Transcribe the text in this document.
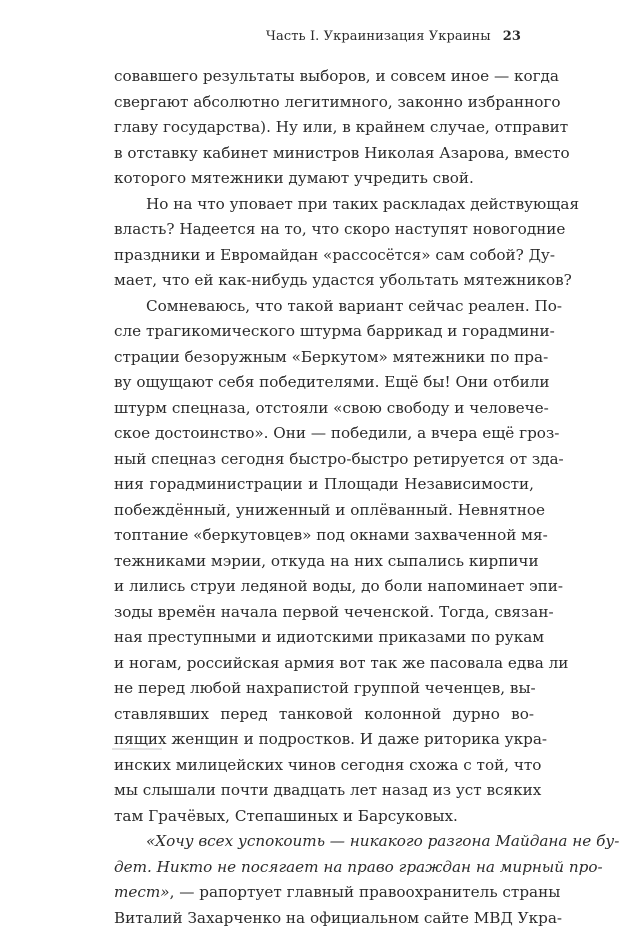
Часть I. Украинизация Украины 23
совавшего результаты выборов, и совсем иное — когда
свергают абсолютно легитимного, законно избранного
главу государства). Ну или, в крайнем случае, отправит
в отставку кабинет министров Николая Азарова, вместо
которого мятежники думают учредить свой.
Но на что уповает при таких раскладах действующая
власть? Надеется на то, что скоро наступят новогодние
праздники и Евромайдан «рассосётся» сам собой? Ду-
мает, что ей как-нибудь удастся убольтать мятежников?
Сомневаюсь, что такой вариант сейчас реален. По-
сле трагикомического штурма баррикад и горадмини-
страции безоружным «Беркутом» мятежники по пра-
ву ощущают себя победителями. Ещё бы! Они отбили
штурм спецназа, отстояли «свою свободу и человече-
ское достоинство». Они — победили, а вчера ещё гроз-
ный спецназ сегодня быстро-быстро ретируется от зда-
ния горадминистрации и Площади Независимости,
побеждённый, униженный и оплёванный. Невнятное
топтание «беркутовцев» под окнами захваченной мя-
тежниками мэрии, откуда на них сыпались кирпичи
и лились струи ледяной воды, до боли напоминает эпи-
зоды времён начала первой чеченской. Тогда, связан-
ная преступными и идиотскими приказами по рукам
и ногам, российская армия вот так же пасовала едва ли
не перед любой нахрапистой группой чеченцев, вы-
ставлявших перед танковой колонной дурно во-
пящих женщин и подростков. И даже риторика укра-
инских милицейских чинов сегодня схожа с той, что
мы слышали почти двадцать лет назад из уст всяких
там Грачёвых, Степашиных и Барсуковых.
«Хочу всех успокоить — никакого разгона Майдана не бу-
дет. Никто не посягает на право граждан на мирный про-
тест», — рапортует главный правоохранитель страны
Виталий Захарченко на официальном сайте МВД Укра-
